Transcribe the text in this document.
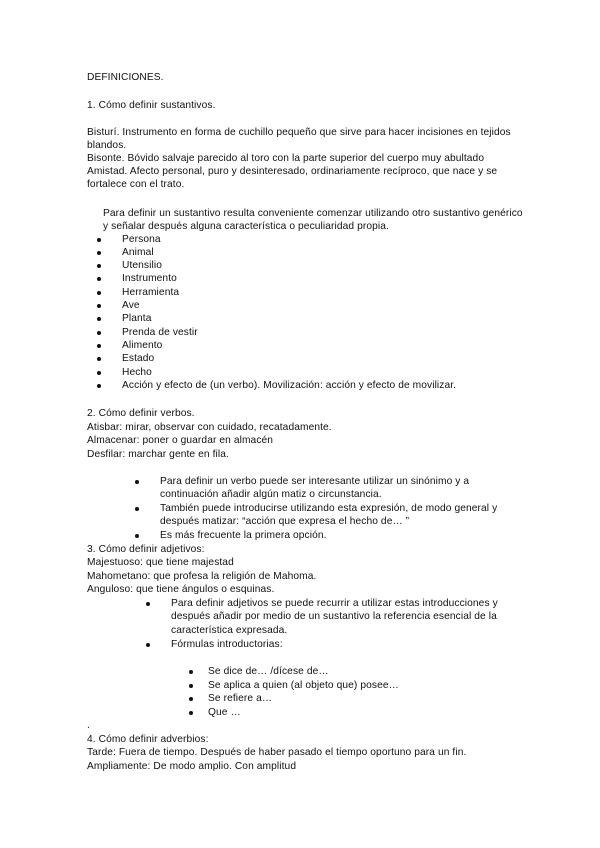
DEFINICIONES.
1. Cómo definir sustantivos.
Bisturí. Instrumento en forma de cuchillo pequeño que sirve para hacer incisiones en tejidos
blandos.
Bisonte. Bóvido salvaje parecido al toro con la parte superior del cuerpo muy abultado
Amistad. Afecto personal, puro y desinteresado, ordinariamente recíproco, que nace y se
fortalece con el trato.
Para definir un sustantivo resulta conveniente comenzar utilizando otro sustantivo genérico
y señalar después alguna característica o peculiaridad propia.
Persona
Animal
Utensilio
Instrumento
Herramienta
Ave
Planta
Prenda de vestir
Alimento
Estado
Hecho
Acción y efecto de (un verbo). Movilización: acción y efecto de movilizar.
2. Cómo definir verbos.
Atisbar: mirar, observar con cuidado, recatadamente.
Almacenar: poner o guardar en almacén
Desfilar: marchar gente en fila.
Para definir un verbo puede ser interesante utilizar un sinónimo y a
continuación añadir algún matiz o circunstancia.
También puede introducirse utilizando esta expresión, de modo general y
después matizar: “acción que expresa el hecho de… ”
Es más frecuente la primera opción.
3. Cómo definir adjetivos:
Majestuoso: que tiene majestad
Mahometano: que profesa la religión de Mahoma.
Anguloso: que tiene ángulos o esquinas.
Para definir adjetivos se puede recurrir a utilizar estas introducciones y
después añadir por medio de un sustantivo la referencia esencial de la
característica expresada.
Fórmulas introductorias:
Se dice de… /dícese de…
Se aplica a quien (al objeto que) posee…
Se refiere a…
Que …
.
4. Cómo definir adverbios:
Tarde: Fuera de tiempo. Después de haber pasado el tiempo oportuno para un fin.
Ampliamente: De modo amplio. Con amplitud
